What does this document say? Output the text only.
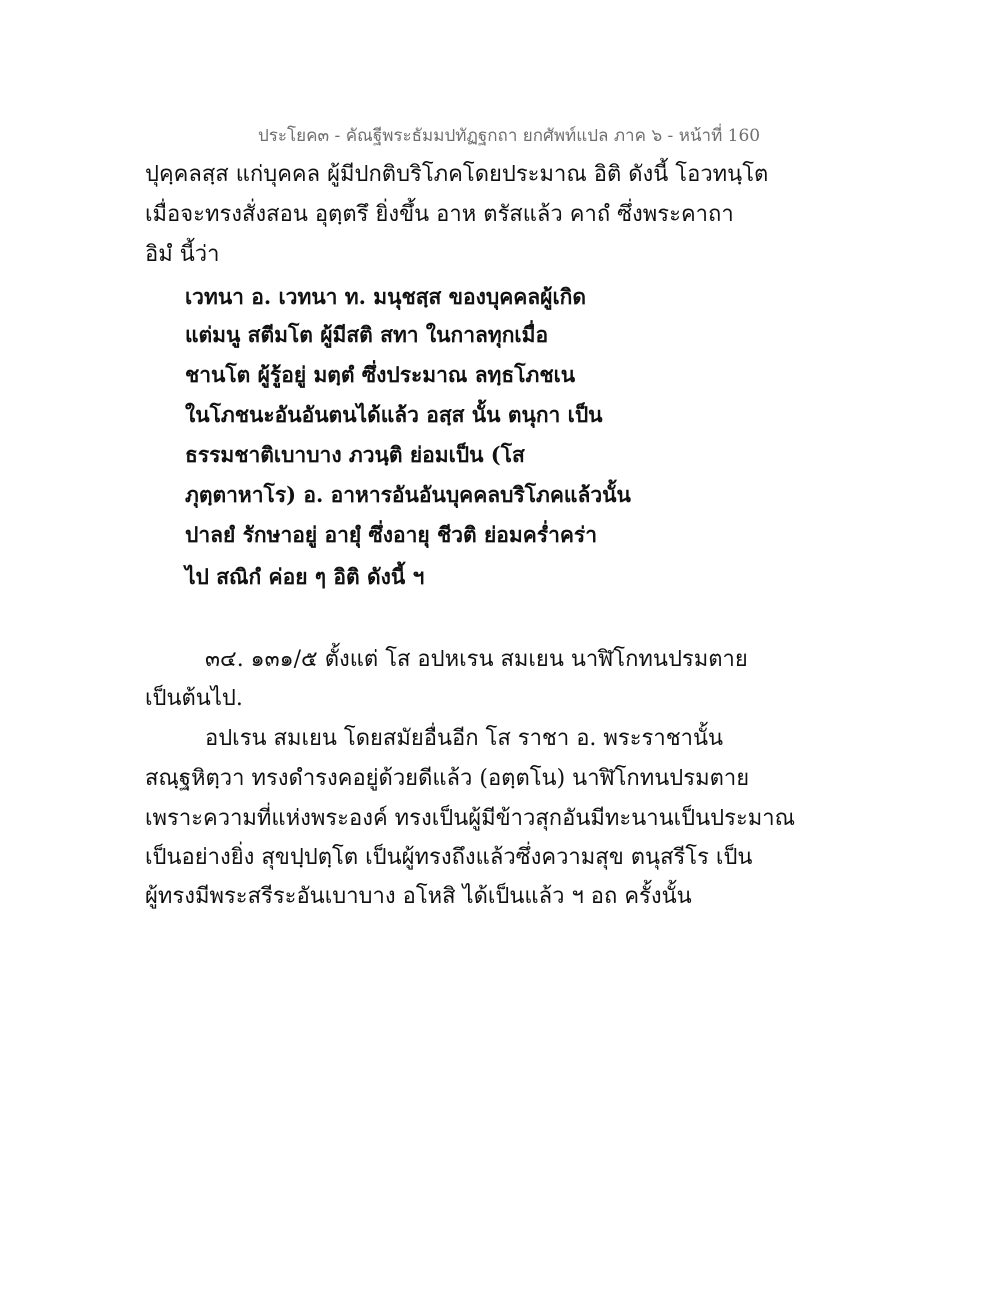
ประโยค๓ - คัณฐีพระธัมมปทัฏฐกถา ยกศัพท์แปล ภาค ๖ - หน้าที่ 160
ปุคฺคลสฺส แก่บุคคล ผู้มีปกติบริโภคโดยประมาณ อิติ ดังนี้ โอวทนฺโต
เมื่อจะทรงสั่งสอน อุตฺตรึ ยิ่งขึ้น อาห ตรัสแล้ว คาถํ ซึ่งพระคาถา
อิมํ นี้ว่า
เวทนา อ. เวทนา ท. มนุชสฺส ของบุคคลผู้เกิด
แต่มนู สตีมโต ผู้มีสติ สทา ในกาลทุกเมื่อ
ชานโต ผู้รู้อยู่ มตฺตํ ซึ่งประมาณ ลทฺธโภชเน
ในโภชนะอันอันตนได้แล้ว อสฺส นั้น ตนุกา เป็น
ธรรมชาติเบาบาง ภวนฺติ ย่อมเป็น (โส
ภุตฺตาหาโร) อ. อาหารอันอันบุคคลบริโภคแล้วนั้น
ปาลยํ รักษาอยู่ อายุํ ซึ่งอายุ ชีวติ ย่อมคร่ำคร่า
ไป สณิกํ ค่อย ๆ อิติ ดังนี้ ฯ
๓๔. ๑๓๑/๕ ตั้งแต่ โส อปหเรน สมเยน นาฬิโกทนปรมตาย
เป็นต้นไป.
อปเรน สมเยน โดยสมัยอื่นอีก โส ราชา อ. พระราชานั้น
สณฺฐหิตฺวา ทรงดำรงคอยู่ด้วยดีแล้ว (อตฺตโน) นาฬิโกทนปรมตาย
เพราะความที่แห่งพระองค์ ทรงเป็นผู้มีข้าวสุกอันมีทะนานเป็นประมาณ
เป็นอย่างยิ่ง สุขปฺปตฺโต เป็นผู้ทรงถึงแล้วซึ่งความสุข ตนุสรีโร เป็น
ผู้ทรงมีพระสรีระอันเบาบาง อโหสิ ได้เป็นแล้ว ฯ อถ ครั้งนั้น
